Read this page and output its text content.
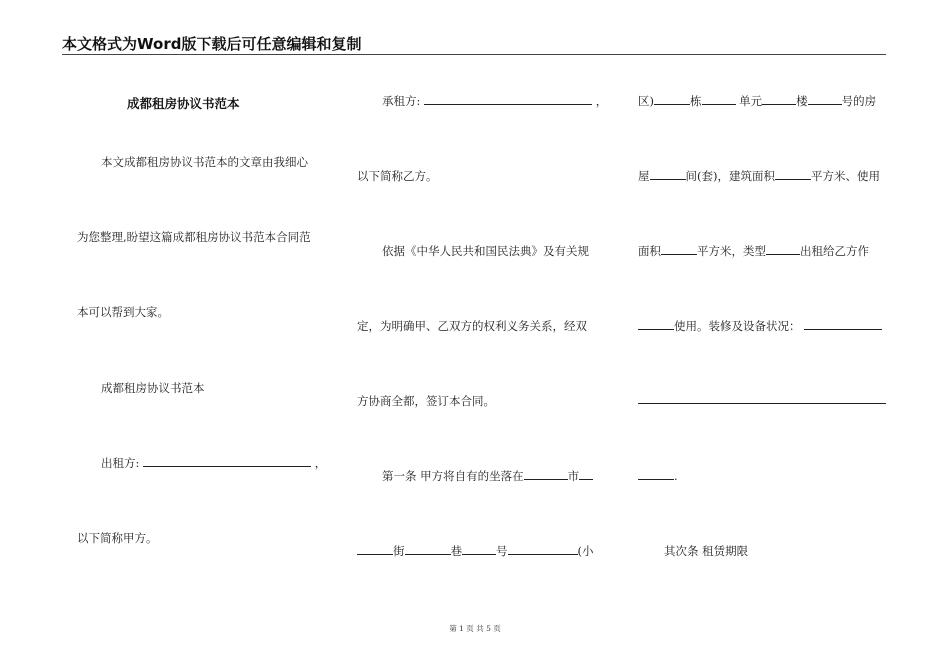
本文格式为Word版下载后可任意编辑和复制
成都租房协议书范本
本文成都租房协议书范本的文章由我细心
为您整理,盼望这篇成都租房协议书范本合同范
本可以帮到大家。
成都租房协议书范本
出租方:	，
以下简称甲方。
承租方:	，
以下简称乙方。
依据《中华人民共和国民法典》及有关规
定，为明确甲、乙双方的权利义务关系，经双
方协商全都，签订本合同。
第一条 甲方将自有的坐落在	市
街	巷	号	(小
区)	栋	单元	楼	号的房
屋	间(套)，建筑面积	平方米、使用
面积	平方米，类型	出租给乙方作
使用。装修及设备状况：
.
其次条 租赁期限
第 1 页 共 5 页
